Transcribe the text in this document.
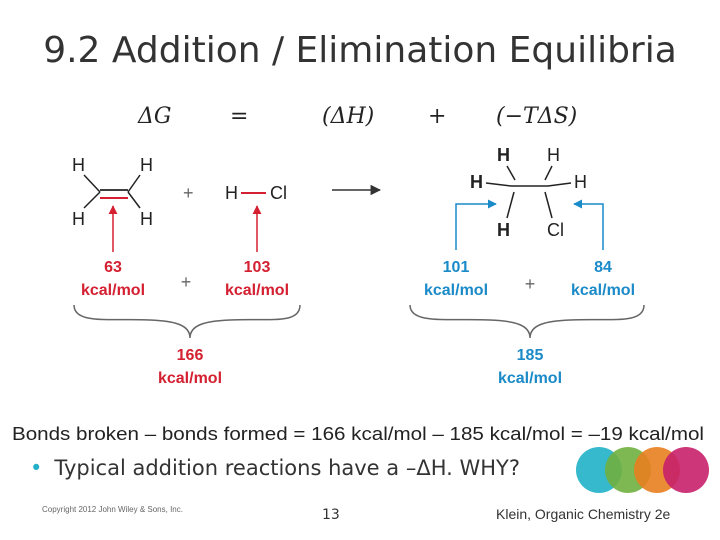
9.2 Addition / Elimination Equilibria
ΔG	=	(ΔH) + (−TΔS)
H	H
H	H
+ H Cl
H H
H	H
H Cl
63
kcal/mol
103
kcal/mol
101
kcal/mol
84
kcal/mol
+	+
166
kcal/mol
185
kcal/mol
Bonds broken – bonds formed = 166 kcal/mol – 185 kcal/mol = –19 kcal/mol
• Typical addition reactions have a –ΔH. WHY?
Copyright 2012 John Wiley & Sons, Inc.	13	Klein, Organic Chemistry 2e
